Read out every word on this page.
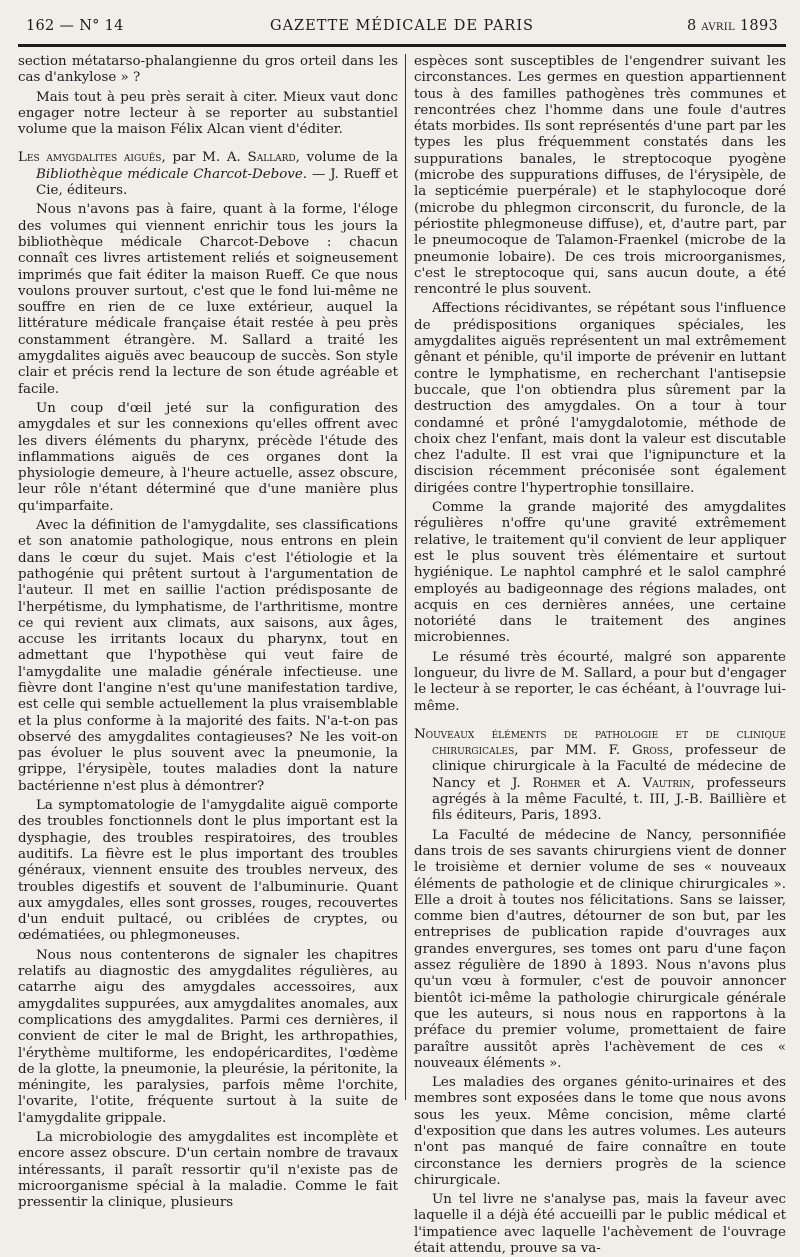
162 — N° 14	GAZETTE MÉDICALE DE PARIS	8 avril 1893

section métatarso-phalangienne du gros orteil dans les cas d'ankylose » ?

Mais tout à peu près serait à citer. Mieux vaut donc engager notre lecteur à se reporter au substantiel volume que la maison Félix Alcan vient d'éditer.

Les amygdalites aiguës, par M. A. Sallard, volume de la Bibliothèque médicale Charcot-Debove. — J. Rueff et Cie, éditeurs.

Nous n'avons pas à faire, quant à la forme, l'éloge des volumes qui viennent enrichir tous les jours la bibliothèque médicale Charcot-Debove : chacun connaît ces livres artistement reliés et soigneusement imprimés que fait éditer la maison Rueff. Ce que nous voulons prouver surtout, c'est que le fond lui-même ne souffre en rien de ce luxe extérieur, auquel la littérature médicale française était restée à peu près constamment étrangère. M. Sallard a traité les amygdalites aiguës avec beaucoup de succès. Son style clair et précis rend la lecture de son étude agréable et facile.

Un coup d'œil jeté sur la configuration des amygdales et sur les connexions qu'elles offrent avec les divers éléments du pharynx, précède l'étude des inflammations aiguës de ces organes dont la physiologie demeure, à l'heure actuelle, assez obscure, leur rôle n'étant déterminé que d'une manière plus qu'imparfaite.

Avec la définition de l'amygdalite, ses classifications et son anatomie pathologique, nous entrons en plein dans le cœur du sujet. Mais c'est l'étiologie et la pathogénie qui prêtent surtout à l'argumentation de l'auteur. Il met en saillie l'action prédisposante de l'herpétisme, du lymphatisme, de l'arthritisme, montre ce qui revient aux climats, aux saisons, aux âges, accuse les irritants locaux du pharynx, tout en admettant que l'hypothèse qui veut faire de l'amygdalite une maladie générale infectieuse. une fièvre dont l'angine n'est qu'une manifestation tardive, est celle qui semble actuellement la plus vraisemblable et la plus conforme à la majorité des faits. N'a-t-on pas observé des amygdalites contagieuses? Ne les voit-on pas évoluer le plus souvent avec la pneumonie, la grippe, l'érysipèle, toutes maladies dont la nature bactérienne n'est plus à démontrer?

La symptomatologie de l'amygdalite aiguë comporte des troubles fonctionnels dont le plus important est la dysphagie, des troubles respiratoires, des troubles auditifs. La fièvre est le plus important des troubles généraux, viennent ensuite des troubles nerveux, des troubles digestifs et souvent de l'albuminurie. Quant aux amygdales, elles sont grosses, rouges, recouvertes d'un enduit pultacé, ou criblées de cryptes, ou œdématiées, ou phlegmoneuses.

Nous nous contenterons de signaler les chapitres relatifs au diagnostic des amygdalites régulières, au catarrhe aigu des amygdales accessoires, aux amygdalites suppurées, aux amygdalites anomales, aux complications des amygdalites. Parmi ces dernières, il convient de citer le mal de Bright, les arthropathies, l'érythème multiforme, les endopéricardites, l'œdème de la glotte, la pneumonie, la pleurésie, la péritonite, la méningite, les paralysies, parfois même l'orchite, l'ovarite, l'otite, fréquente surtout à la suite de l'amygdalite grippale.

La microbiologie des amygdalites est incomplète et encore assez obscure. D'un certain nombre de travaux intéressants, il paraît ressortir qu'il n'existe pas de microorganisme spécial à la maladie. Comme le fait pressentir la clinique, plusieurs

espèces sont susceptibles de l'engendrer suivant les circonstances. Les germes en question appartiennent tous à des familles pathogènes très communes et rencontrées chez l'homme dans une foule d'autres états morbides. Ils sont représentés d'une part par les types les plus fréquemment constatés dans les suppurations banales, le streptocoque pyogène (microbe des suppurations diffuses, de l'érysipèle, de la septicémie puerpérale) et le staphylocoque doré (microbe du phlegmon circonscrit, du furoncle, de la périostite phlegmoneuse diffuse), et, d'autre part, par le pneumocoque de Talamon-Fraenkel (microbe de la pneumonie lobaire). De ces trois microorganismes, c'est le streptocoque qui, sans aucun doute, a été rencontré le plus souvent.

Affections récidivantes, se répétant sous l'influence de prédispositions organiques spéciales, les amygdalites aiguës représentent un mal extrêmement gênant et pénible, qu'il importe de prévenir en luttant contre le lymphatisme, en recherchant l'antisepsie buccale, que l'on obtiendra plus sûrement par la destruction des amygdales. On a tour à tour condamné et prôné l'amygdalotomie, méthode de choix chez l'enfant, mais dont la valeur est discutable chez l'adulte. Il est vrai que l'ignipuncture et la discision récemment préconisée sont également dirigées contre l'hypertrophie tonsillaire.

Comme la grande majorité des amygdalites régulières n'offre qu'une gravité extrêmement relative, le traitement qu'il convient de leur appliquer est le plus souvent très élémentaire et surtout hygiénique. Le naphtol camphré et le salol camphré employés au badigeonnage des régions malades, ont acquis en ces dernières années, une certaine notoriété dans le traitement des angines microbiennes.

Le résumé très écourté, malgré son apparente longueur, du livre de M. Sallard, a pour but d'engager le lecteur à se reporter, le cas échéant, à l'ouvrage lui-même.

Nouveaux éléments de pathologie et de clinique chirurgicales, par MM. F. Gross, professeur de clinique chirurgicale à la Faculté de médecine de Nancy et J. Rohmer et A. Vautrin, professeurs agrégés à la même Faculté, t. III, J.-B. Baillière et fils éditeurs, Paris, 1893.

La Faculté de médecine de Nancy, personnifiée dans trois de ses savants chirurgiens vient de donner le troisième et dernier volume de ses « nouveaux éléments de pathologie et de clinique chirurgicales ». Elle a droit à toutes nos félicitations. Sans se laisser, comme bien d'autres, détourner de son but, par les entreprises de publication rapide d'ouvrages aux grandes envergures, ses tomes ont paru d'une façon assez régulière de 1890 à 1893. Nous n'avons plus qu'un vœu à formuler, c'est de pouvoir annoncer bientôt ici-même la pathologie chirurgicale générale que les auteurs, si nous nous en rapportons à la préface du premier volume, promettaient de faire paraître aussitôt après l'achèvement de ces « nouveaux éléments ».

Les maladies des organes génito-urinaires et des membres sont exposées dans le tome que nous avons sous les yeux. Même concision, même clarté d'exposition que dans les autres volumes. Les auteurs n'ont pas manqué de faire connaître en toute circonstance les derniers progrès de la science chirurgicale.

Un tel livre ne s'analyse pas, mais la faveur avec laquelle il a déjà été accueilli par le public médical et l'impatience avec laquelle l'achèvement de l'ouvrage était attendu, prouve sa va-
